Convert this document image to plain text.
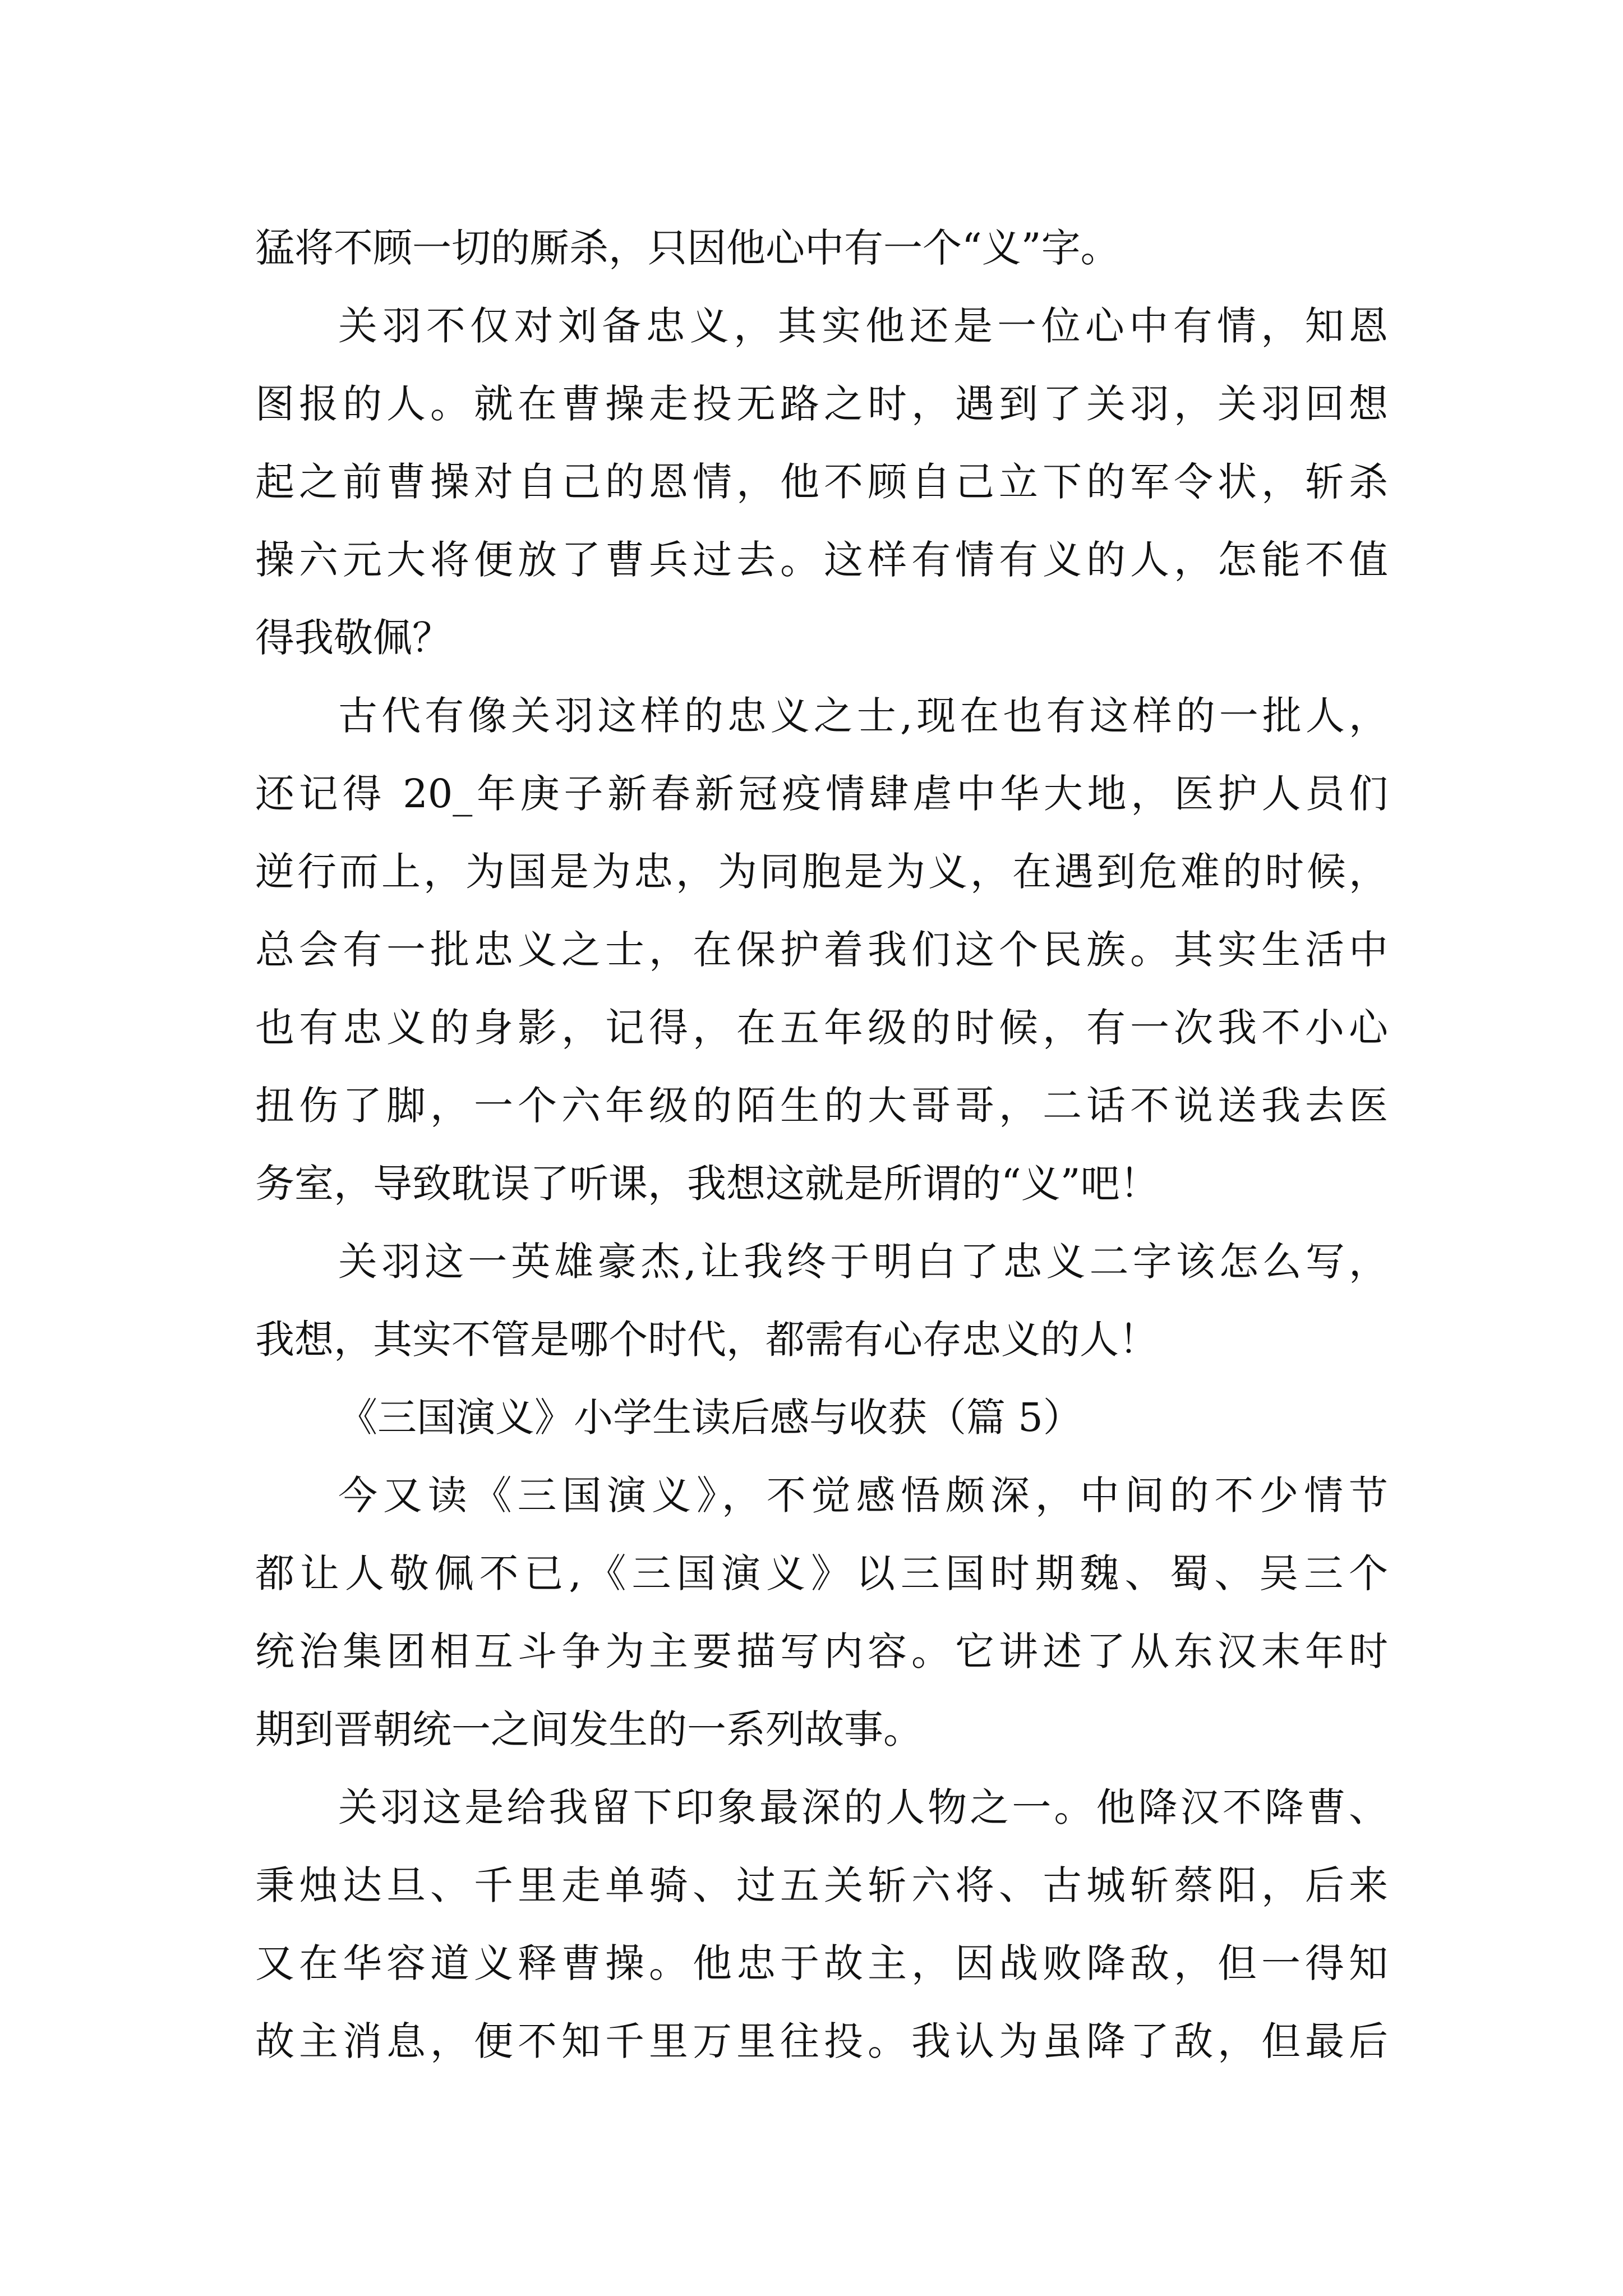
猛将不顾一切的厮杀，只因他心中有一个“义”字。
关羽不仅对刘备忠义，其实他还是一位心中有情，知恩
图报的人。就在曹操走投无路之时，遇到了关羽，关羽回想
起之前曹操对自己的恩情，他不顾自己立下的军令状，斩杀
操六元大将便放了曹兵过去。这样有情有义的人，怎能不值
得我敬佩？
古代有像关羽这样的忠义之士,现在也有这样的一批人，
还记得 20_年庚子新春新冠疫情肆虐中华大地，医护人员们
逆行而上，为国是为忠，为同胞是为义，在遇到危难的时候，
总会有一批忠义之士，在保护着我们这个民族。其实生活中
也有忠义的身影，记得，在五年级的时候，有一次我不小心
扭伤了脚，一个六年级的陌生的大哥哥，二话不说送我去医
务室，导致耽误了听课，我想这就是所谓的“义”吧！
关羽这一英雄豪杰,让我终于明白了忠义二字该怎么写，
我想，其实不管是哪个时代，都需有心存忠义的人！
《三国演义》小学生读后感与收获（篇 5）
今又读《三国演义》，不觉感悟颇深，中间的不少情节
都让人敬佩不已,《三国演义》以三国时期魏、蜀、吴三个
统治集团相互斗争为主要描写内容。它讲述了从东汉末年时
期到晋朝统一之间发生的一系列故事。
关羽这是给我留下印象最深的人物之一。他降汉不降曹、
秉烛达旦、千里走单骑、过五关斩六将、古城斩蔡阳，后来
又在华容道义释曹操。他忠于故主，因战败降敌，但一得知
故主消息，便不知千里万里往投。我认为虽降了敌，但最后
